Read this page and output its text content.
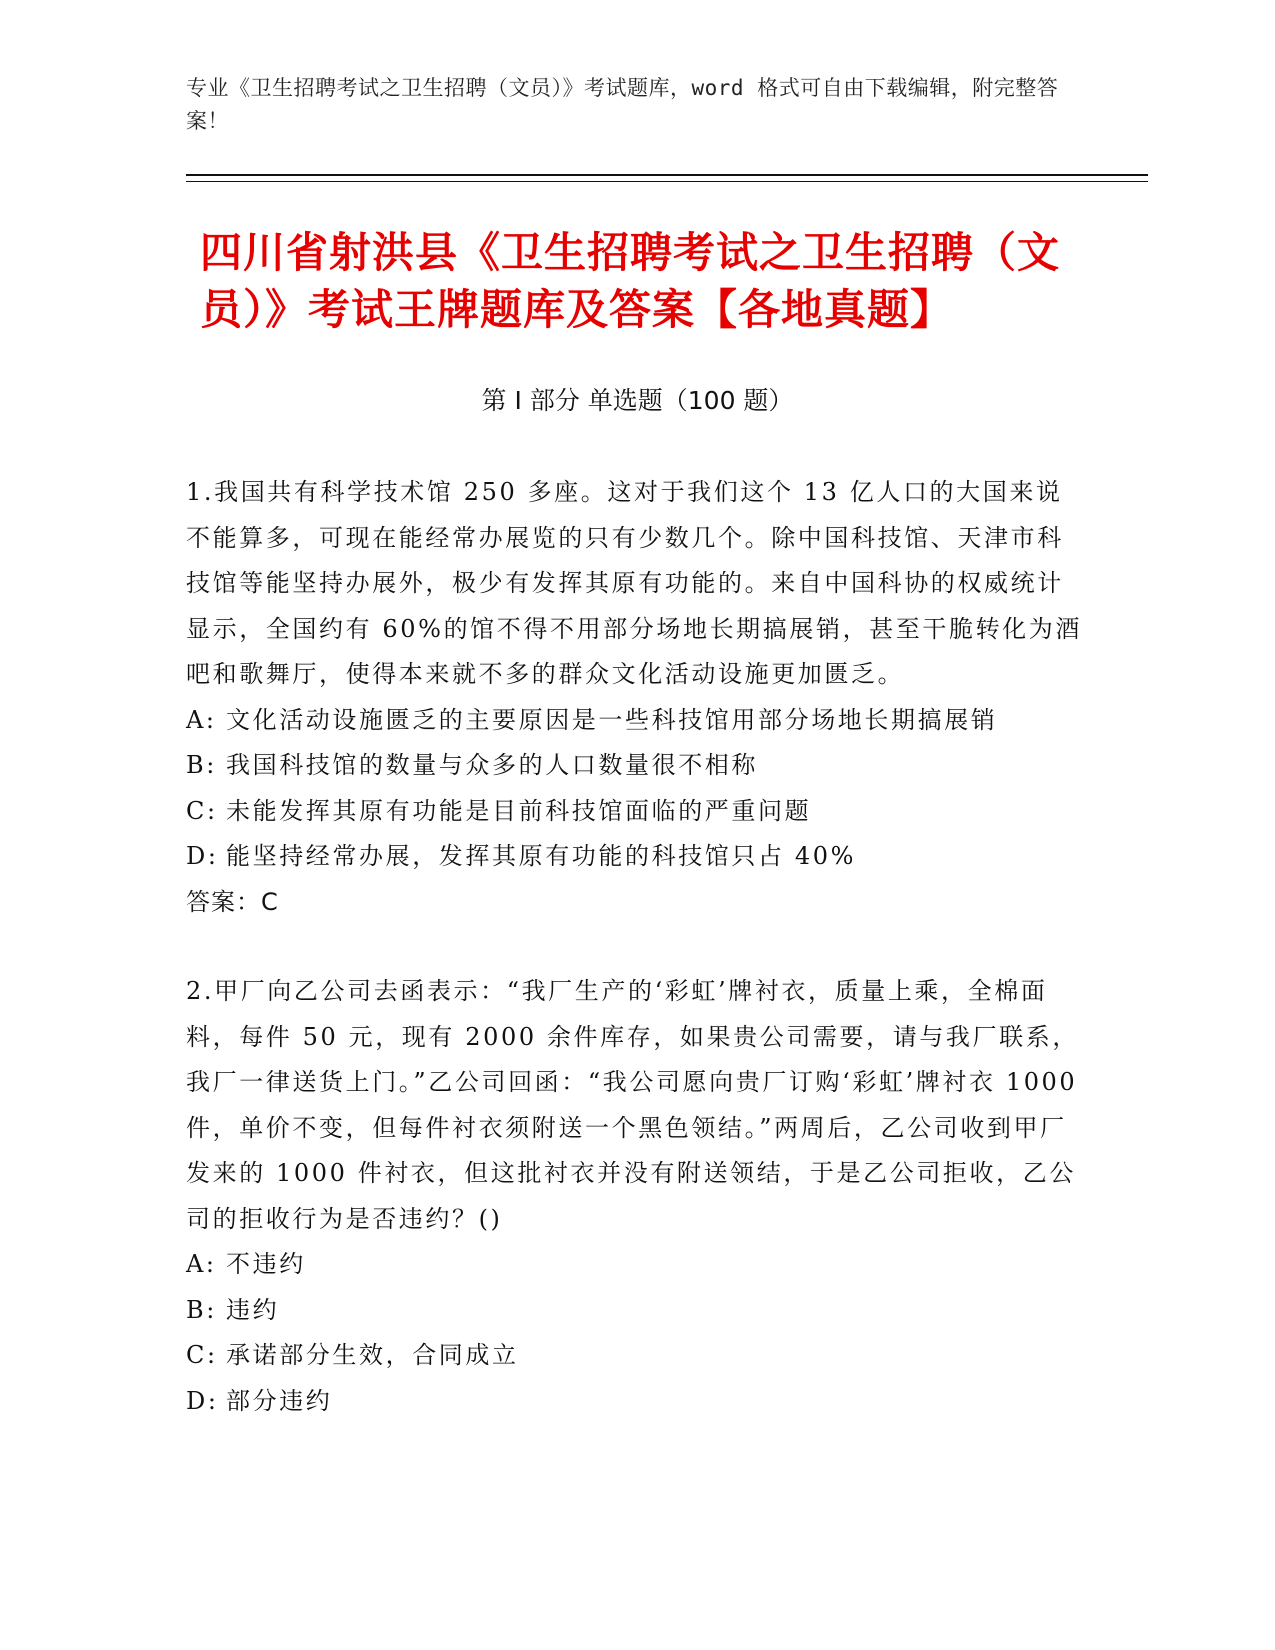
专业《卫生招聘考试之卫生招聘（文员）》考试题库，word 格式可自由下载编辑，附完整答案！
四川省射洪县《卫生招聘考试之卫生招聘（文员）》考试王牌题库及答案【各地真题】
第 I 部分 单选题（100 题）

1.我国共有科学技术馆 250 多座。这对于我们这个 13 亿人口的大国来说不能算多，可现在能经常办展览的只有少数几个。除中国科技馆、天津市科技馆等能坚持办展外，极少有发挥其原有功能的。来自中国科协的权威统计显示，全国约有 60%的馆不得不用部分场地长期搞展销，甚至干脆转化为酒吧和歌舞厅，使得本来就不多的群众文化活动设施更加匮乏。

A: 文化活动设施匮乏的主要原因是一些科技馆用部分场地长期搞展销
B: 我国科技馆的数量与众多的人口数量很不相称
C: 未能发挥其原有功能是目前科技馆面临的严重问题
D: 能坚持经常办展，发挥其原有功能的科技馆只占 40%
答案：C

2.甲厂向乙公司去函表示：“我厂生产的‘彩虹’牌衬衣，质量上乘，全棉面料，每件 50 元，现有 2000 余件库存，如果贵公司需要，请与我厂联系，我厂一律送货上门。”乙公司回函：“我公司愿向贵厂订购‘彩虹’牌衬衣 1000 件，单价不变，但每件衬衣须附送一个黑色领结。”两周后，乙公司收到甲厂发来的 1000 件衬衣，但这批衬衣并没有附送领结，于是乙公司拒收，乙公司的拒收行为是否违约？()

A: 不违约
B: 违约
C: 承诺部分生效，合同成立
D: 部分违约
